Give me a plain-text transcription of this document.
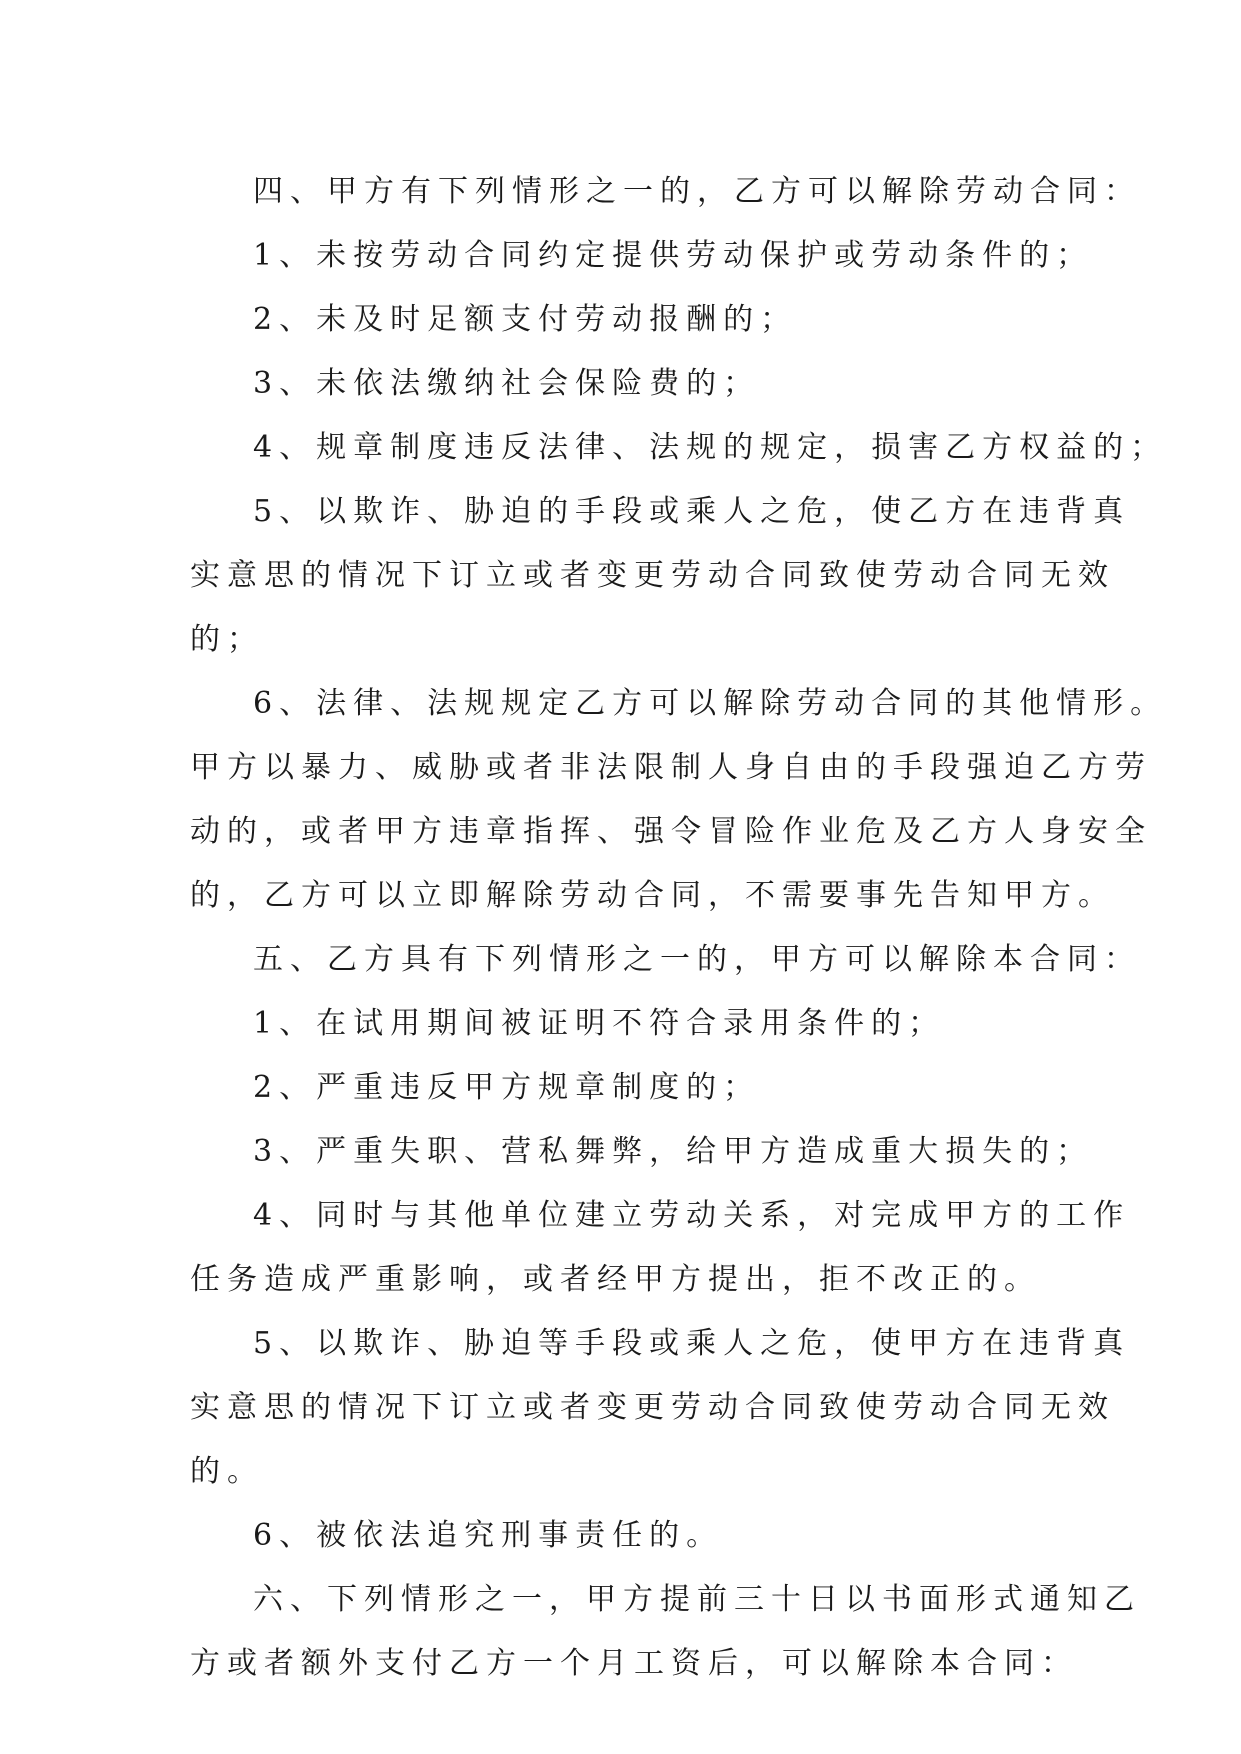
四、甲方有下列情形之一的，乙方可以解除劳动合同：
1、未按劳动合同约定提供劳动保护或劳动条件的；
2、未及时足额支付劳动报酬的；
3、未依法缴纳社会保险费的；
4、规章制度违反法律、法规的规定，损害乙方权益的；
5、以欺诈、胁迫的手段或乘人之危，使乙方在违背真
实意思的情况下订立或者变更劳动合同致使劳动合同无效
的；
6、法律、法规规定乙方可以解除劳动合同的其他情形。
甲方以暴力、威胁或者非法限制人身自由的手段强迫乙方劳
动的，或者甲方违章指挥、强令冒险作业危及乙方人身安全
的，乙方可以立即解除劳动合同，不需要事先告知甲方。
五、乙方具有下列情形之一的，甲方可以解除本合同：
1、在试用期间被证明不符合录用条件的；
2、严重违反甲方规章制度的；
3、严重失职、营私舞弊，给甲方造成重大损失的；
4、同时与其他单位建立劳动关系，对完成甲方的工作
任务造成严重影响，或者经甲方提出，拒不改正的。
5、以欺诈、胁迫等手段或乘人之危，使甲方在违背真
实意思的情况下订立或者变更劳动合同致使劳动合同无效
的。
6、被依法追究刑事责任的。
六、下列情形之一，甲方提前三十日以书面形式通知乙
方或者额外支付乙方一个月工资后，可以解除本合同：
